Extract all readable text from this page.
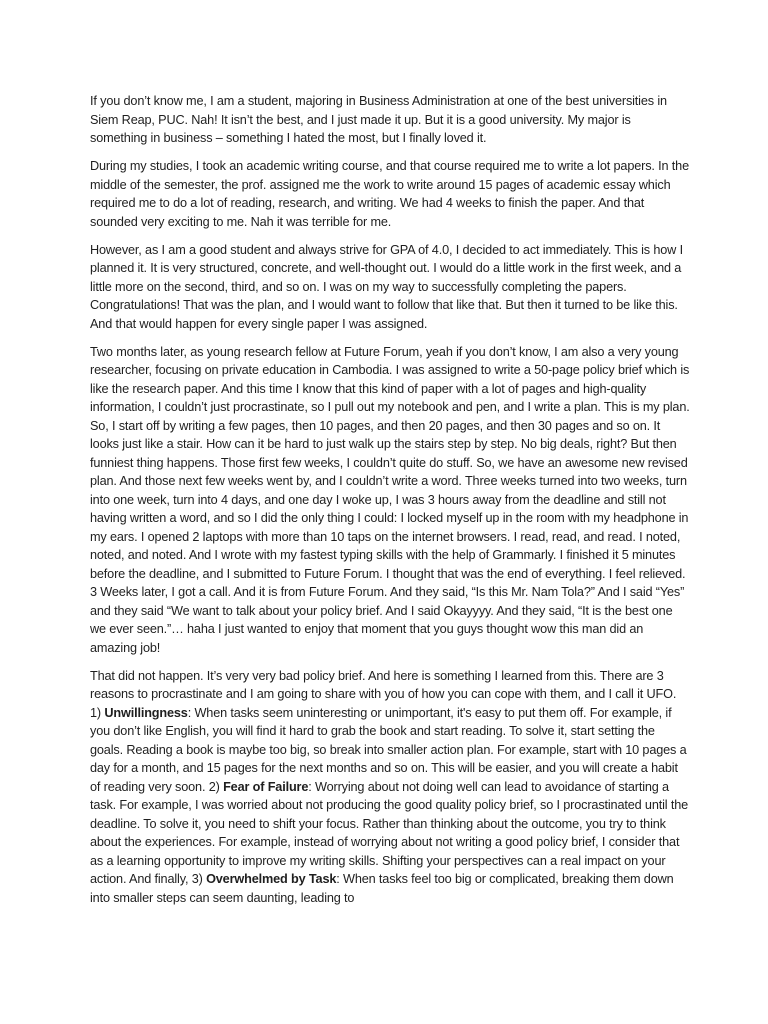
If you don’t know me, I am a student, majoring in Business Administration at one of the best universities in Siem Reap, PUC. Nah! It isn’t the best, and I just made it up. But it is a good university. My major is something in business – something I hated the most, but I finally loved it.

During my studies, I took an academic writing course, and that course required me to write a lot papers. In the middle of the semester, the prof. assigned me the work to write around 15 pages of academic essay which required me to do a lot of reading, research, and writing. We had 4 weeks to finish the paper. And that sounded very exciting to me. Nah it was terrible for me.

However, as I am a good student and always strive for GPA of 4.0, I decided to act immediately. This is how I planned it. It is very structured, concrete, and well-thought out. I would do a little work in the first week, and a little more on the second, third, and so on. I was on my way to successfully completing the papers. Congratulations! That was the plan, and I would want to follow that like that. But then it turned to be like this. And that would happen for every single paper I was assigned.

Two months later, as young research fellow at Future Forum, yeah if you don’t know, I am also a very young researcher, focusing on private education in Cambodia. I was assigned to write a 50-page policy brief which is like the research paper. And this time I know that this kind of paper with a lot of pages and high-quality information, I couldn’t just procrastinate, so I pull out my notebook and pen, and I write a plan. This is my plan. So, I start off by writing a few pages, then 10 pages, and then 20 pages, and then 30 pages and so on. It looks just like a stair. How can it be hard to just walk up the stairs step by step. No big deals, right? But then funniest thing happens. Those first few weeks, I couldn’t quite do stuff. So, we have an awesome new revised plan. And those next few weeks went by, and I couldn’t write a word. Three weeks turned into two weeks, turn into one week, turn into 4 days, and one day I woke up, I was 3 hours away from the deadline and still not having written a word, and so I did the only thing I could: I locked myself up in the room with my headphone in my ears. I opened 2 laptops with more than 10 taps on the internet browsers. I read, read, and read. I noted, noted, and noted. And I wrote with my fastest typing skills with the help of Grammarly. I finished it 5 minutes before the deadline, and I submitted to Future Forum. I thought that was the end of everything. I feel relieved. 3 Weeks later, I got a call. And it is from Future Forum. And they said, “Is this Mr. Nam Tola?” And I said “Yes” and they said “We want to talk about your policy brief. And I said Okayyyy. And they said, “It is the best one we ever seen.”… haha I just wanted to enjoy that moment that you guys thought wow this man did an amazing job!

That did not happen. It’s very very bad policy brief. And here is something I learned from this. There are 3 reasons to procrastinate and I am going to share with you of how you can cope with them, and I call it UFO. 1) Unwillingness: When tasks seem uninteresting or unimportant, it's easy to put them off. For example, if you don’t like English, you will find it hard to grab the book and start reading. To solve it, start setting the goals. Reading a book is maybe too big, so break into smaller action plan. For example, start with 10 pages a day for a month, and 15 pages for the next months and so on. This will be easier, and you will create a habit of reading very soon. 2) Fear of Failure: Worrying about not doing well can lead to avoidance of starting a task. For example, I was worried about not producing the good quality policy brief, so I procrastinated until the deadline. To solve it, you need to shift your focus. Rather than thinking about the outcome, you try to think about the experiences. For example, instead of worrying about not writing a good policy brief, I consider that as a learning opportunity to improve my writing skills. Shifting your perspectives can a real impact on your action. And finally, 3) Overwhelmed by Task: When tasks feel too big or complicated, breaking them down into smaller steps can seem daunting, leading to
